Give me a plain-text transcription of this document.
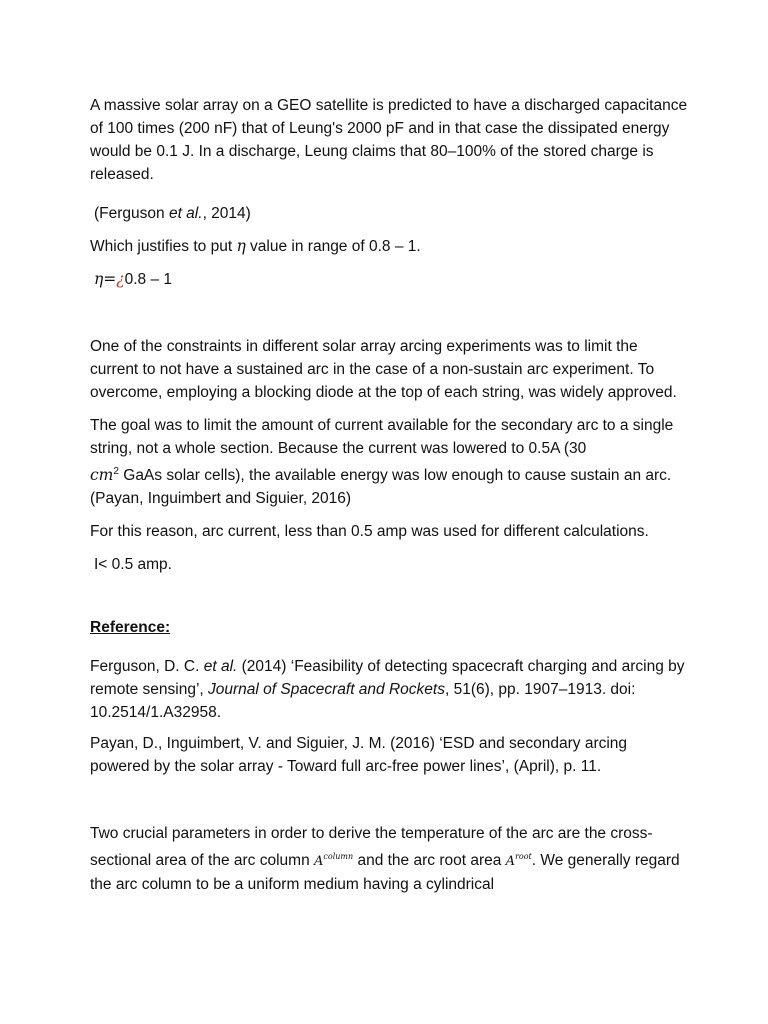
A massive solar array on a GEO satellite is predicted to have a discharged capacitance of 100 times (200 nF) that of Leung's 2000 pF and in that case the dissipated energy would be 0.1 J. In a discharge, Leung claims that 80–100% of the stored charge is released.

(Ferguson et al., 2014)

Which justifies to put η value in range of 0.8 – 1.

η=¿0.8 – 1

One of the constraints in different solar array arcing experiments was to limit the current to not have a sustained arc in the case of a non-sustain arc experiment. To overcome, employing a blocking diode at the top of each string, was widely approved.

The goal was to limit the amount of current available for the secondary arc to a single string, not a whole section. Because the current was lowered to 0.5A (30
$cm^2$ GaAs solar cells), the available energy was low enough to cause sustain an arc. (Payan, Inguimbert and Siguier, 2016)

For this reason, arc current, less than 0.5 amp was used for different calculations.

I< 0.5 amp.

Reference:

Ferguson, D. C. et al. (2014) ‘Feasibility of detecting spacecraft charging and arcing by remote sensing’, Journal of Spacecraft and Rockets, 51(6), pp. 1907–1913. doi: 10.2514/1.A32958.

Payan, D., Inguimbert, V. and Siguier, J. M. (2016) ‘ESD and secondary arcing powered by the solar array - Toward full arc-free power lines’, (April), p. 11.

Two crucial parameters in order to derive the temperature of the arc are the cross-sectional area of the arc column $A^{column}$ and the arc root area $A^{root}$. We generally regard the arc column to be a uniform medium having a cylindrical
